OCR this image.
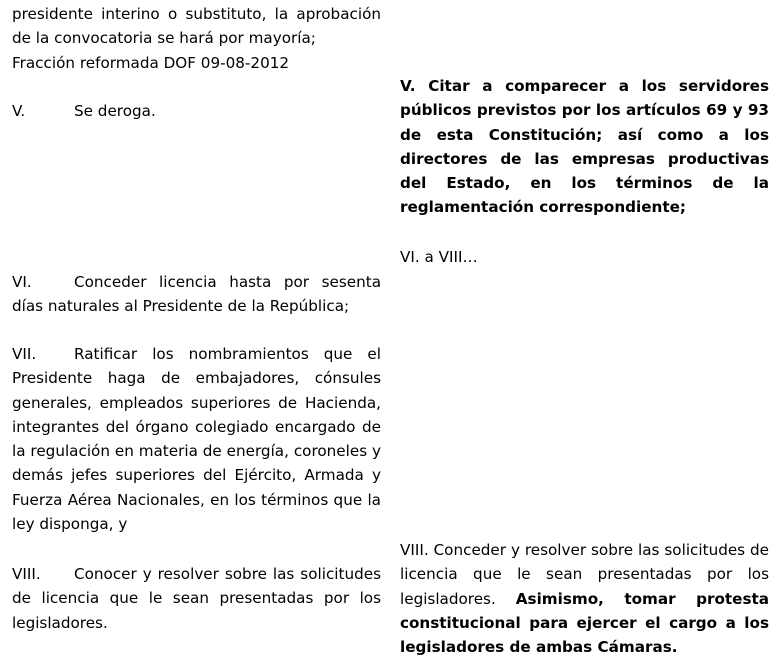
presidente interino o substituto, la aprobación de la convocatoria se hará por mayoría;
Fracción reformada DOF 09-08-2012

V.	Se deroga.

VI.	Conceder licencia hasta por sesenta días naturales al Presidente de la República;

VII. Ratificar los nombramientos que el Presidente haga de embajadores, cónsules generales, empleados superiores de Hacienda, integrantes del órgano colegiado encargado de la regulación en materia de energía, coroneles y demás jefes superiores del Ejército, Armada y Fuerza Aérea Nacionales, en los términos que la ley disponga, y

VIII. Conocer y resolver sobre las solicitudes de licencia que le sean presentadas por los legisladores.

V. Citar a comparecer a los servidores públicos previstos por los artículos 69 y 93 de esta Constitución; así como a los directores de las empresas productivas del Estado, en los términos de la reglamentación correspondiente;

VI. a VIII…

VIII. Conceder y resolver sobre las solicitudes de licencia que le sean presentadas por los legisladores. Asimismo, tomar protesta constitucional para ejercer el cargo a los legisladores de ambas Cámaras.
